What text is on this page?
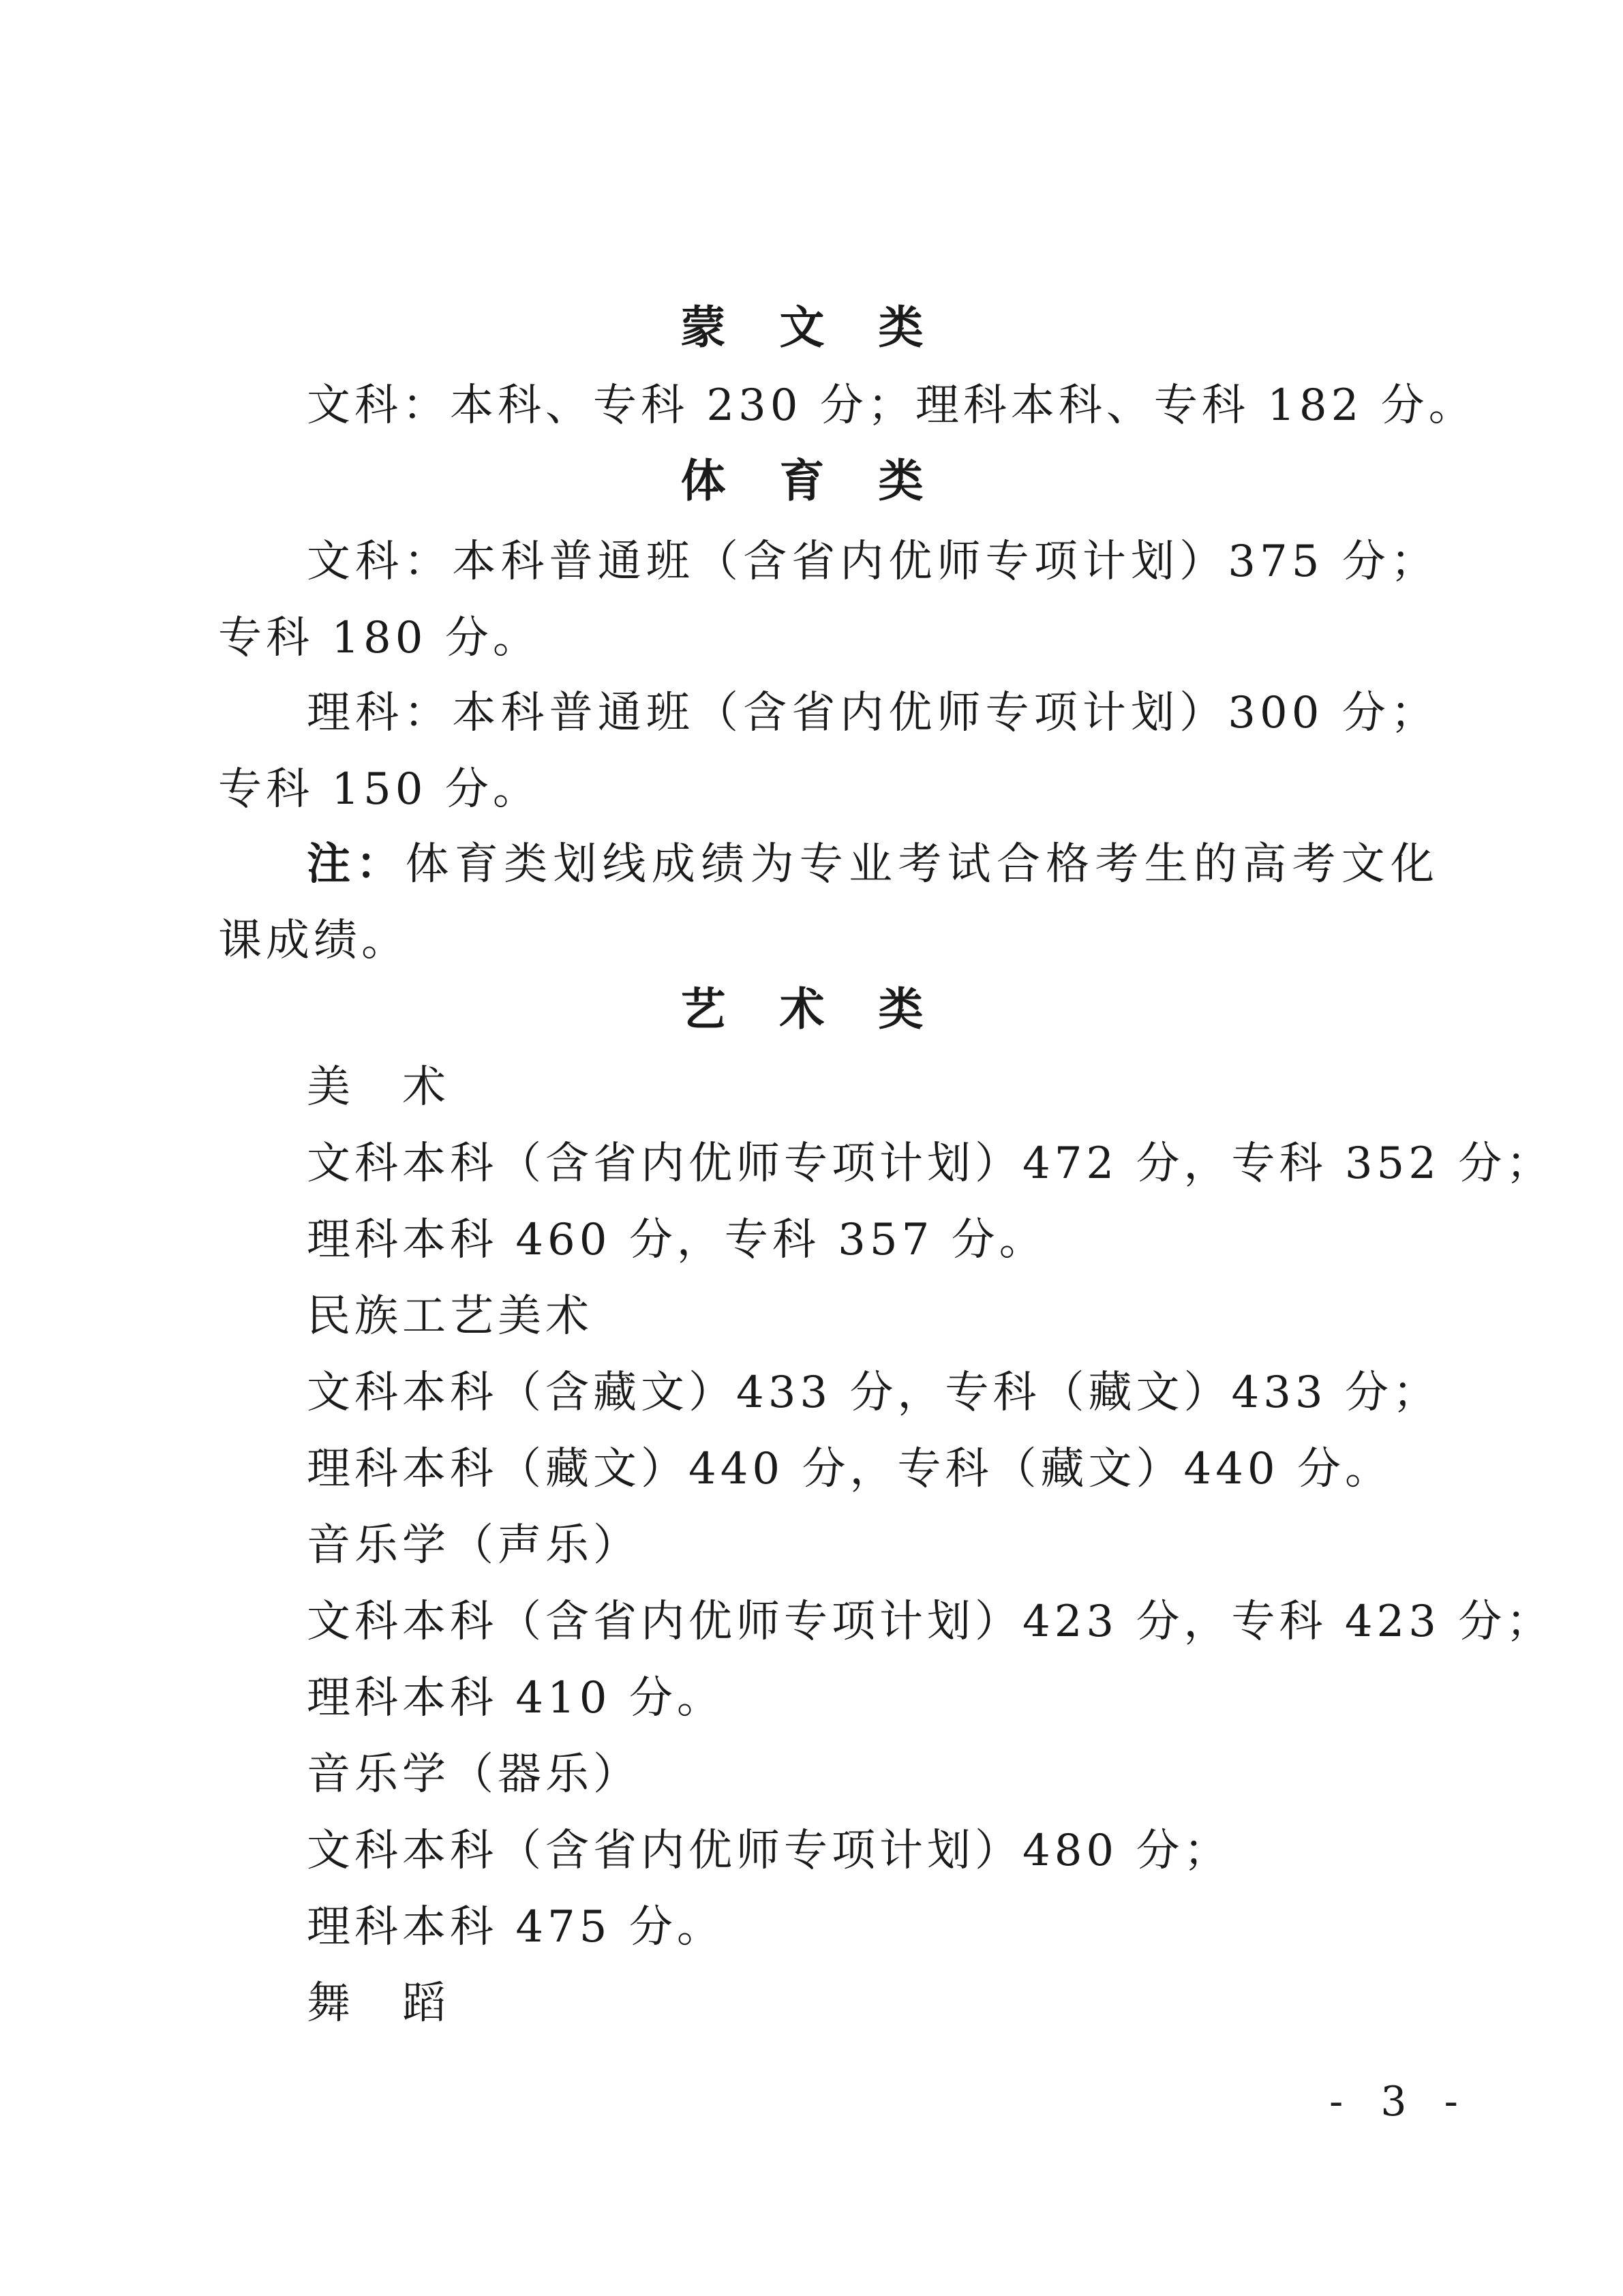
蒙 文 类
文科：本科、专科 230 分；理科本科、专科 182 分。
体 育 类
文科：本科普通班（含省内优师专项计划）375 分；专科 180 分。
理科：本科普通班（含省内优师专项计划）300 分；专科 150 分。
注：体育类划线成绩为专业考试合格考生的高考文化课成绩。
艺 术 类
美　术
文科本科（含省内优师专项计划）472 分，专科 352 分；
理科本科 460 分，专科 357 分。
民族工艺美术
文科本科（含藏文）433 分，专科（藏文）433 分；
理科本科（藏文）440 分，专科（藏文）440 分。
音乐学（声乐）
文科本科（含省内优师专项计划）423 分，专科 423 分；
理科本科 410 分。
音乐学（器乐）
文科本科（含省内优师专项计划）480 分；
理科本科 475 分。
舞　蹈
- 3 -
